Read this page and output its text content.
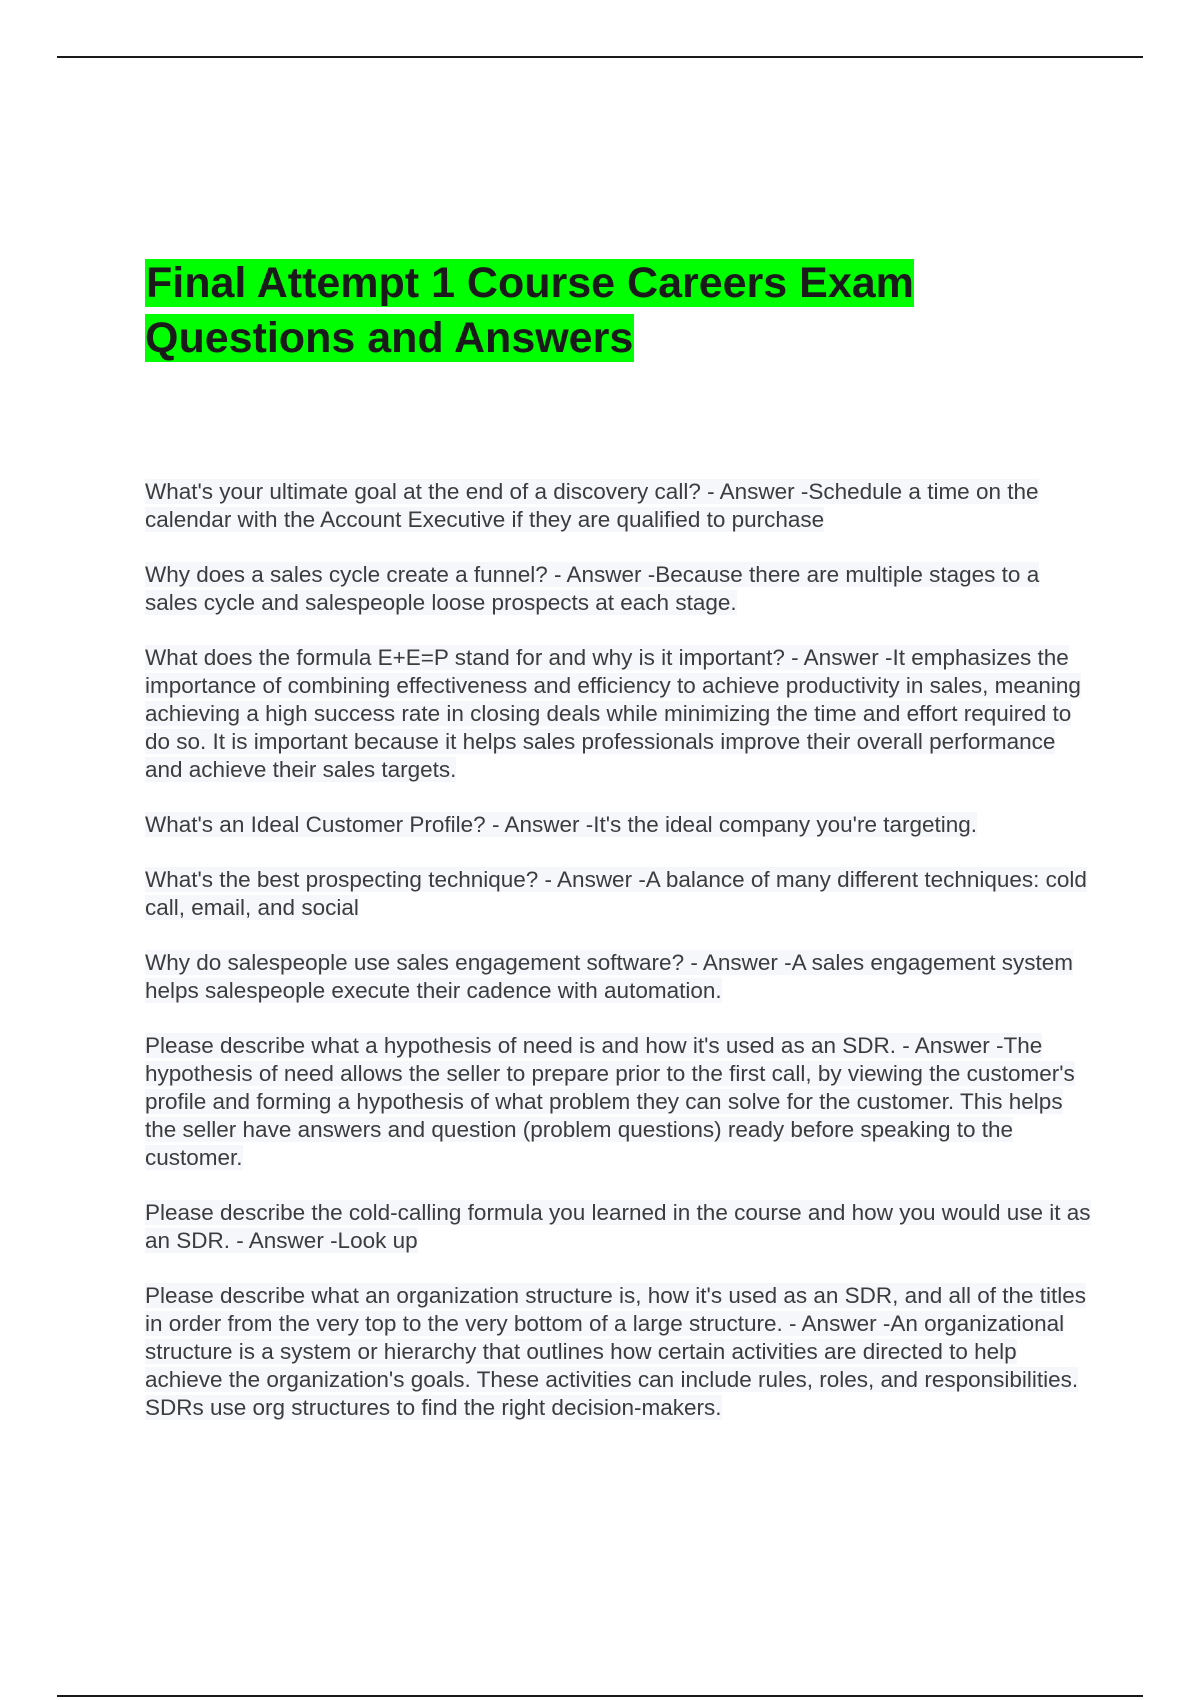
Final Attempt 1 Course Careers Exam Questions and Answers

What's your ultimate goal at the end of a discovery call? - Answer -Schedule a time on the calendar with the Account Executive if they are qualified to purchase

Why does a sales cycle create a funnel? - Answer -Because there are multiple stages to a sales cycle and salespeople loose prospects at each stage.

What does the formula E+E=P stand for and why is it important? - Answer -It emphasizes the importance of combining effectiveness and efficiency to achieve productivity in sales, meaning achieving a high success rate in closing deals while minimizing the time and effort required to do so. It is important because it helps sales professionals improve their overall performance and achieve their sales targets.

What's an Ideal Customer Profile? - Answer -It's the ideal company you're targeting.

What's the best prospecting technique? - Answer -A balance of many different techniques: cold call, email, and social

Why do salespeople use sales engagement software? - Answer -A sales engagement system helps salespeople execute their cadence with automation.

Please describe what a hypothesis of need is and how it's used as an SDR. - Answer -The hypothesis of need allows the seller to prepare prior to the first call, by viewing the customer's profile and forming a hypothesis of what problem they can solve for the customer. This helps the seller have answers and question (problem questions) ready before speaking to the customer.

Please describe the cold-calling formula you learned in the course and how you would use it as an SDR. - Answer -Look up

Please describe what an organization structure is, how it's used as an SDR, and all of the titles in order from the very top to the very bottom of a large structure. - Answer -An organizational structure is a system or hierarchy that outlines how certain activities are directed to help achieve the organization's goals. These activities can include rules, roles, and responsibilities. SDRs use org structures to find the right decision-makers.
